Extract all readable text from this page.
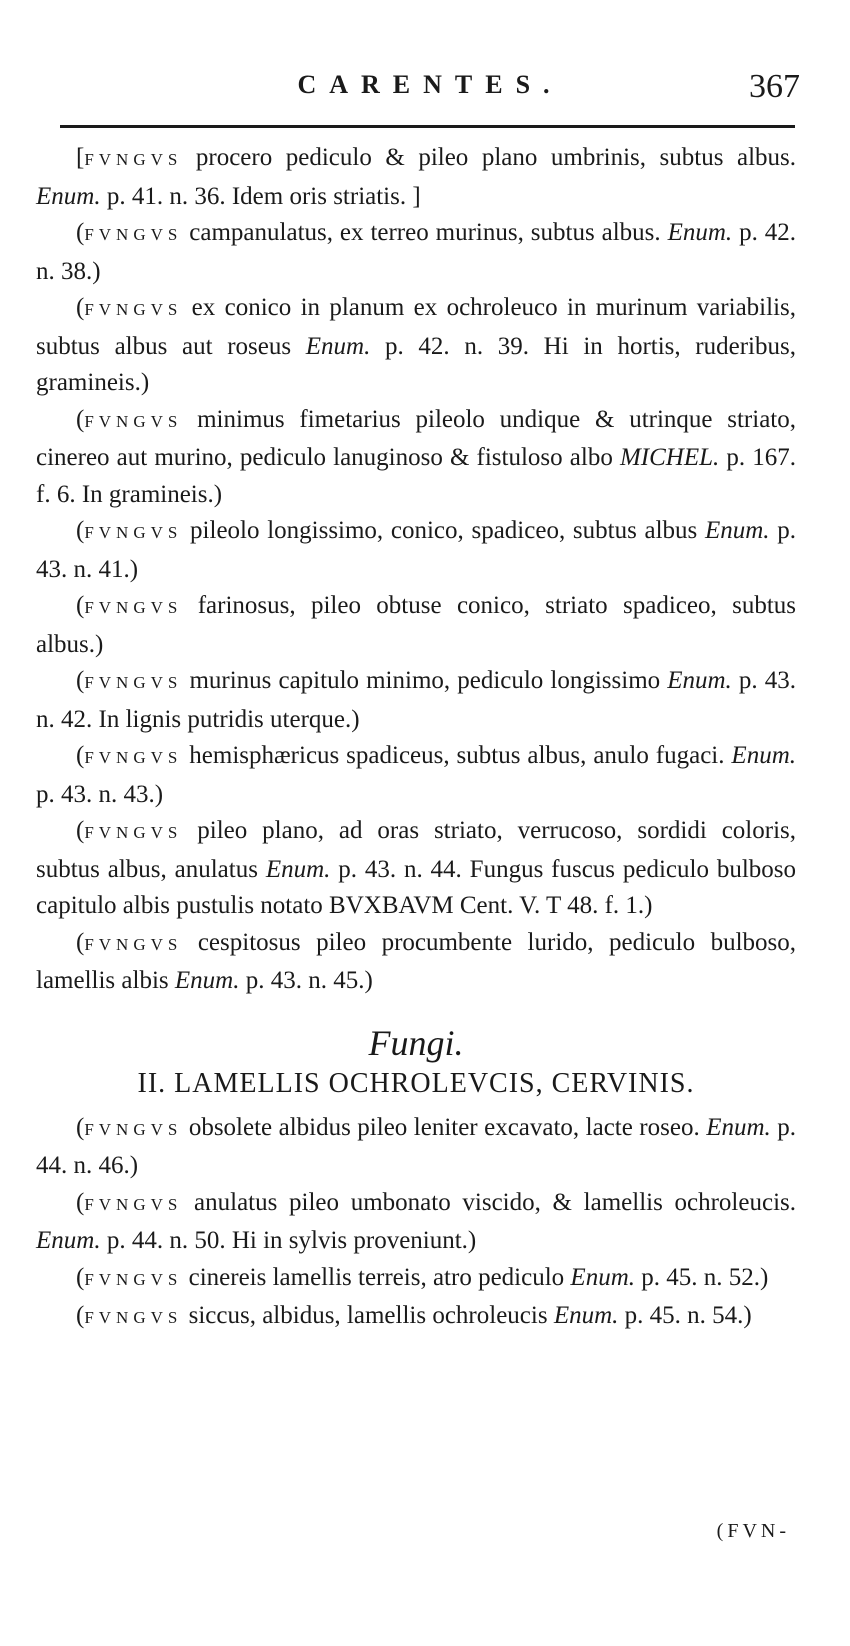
CARENTES.	367

[FVNGVS procero pediculo & pileo plano umbrinis, subtus albus. Enum. p. 41. n. 36. Idem oris striatis. ]

(FVNGVS campanulatus, ex terreo murinus, subtus albus. Enum. p. 42. n. 38.)

(FVNGVS ex conico in planum ex ochroleuco in murinum variabilis, subtus albus aut roseus Enum. p. 42. n. 39. Hi in hortis, ruderibus, gramineis.)

(FVNGVS minimus fimetarius pileolo undique & utrinque striato, cinereo aut murino, pediculo lanuginoso & fistuloso albo MICHEL. p. 167. f. 6. In gramineis.)

(FVNGVS pileolo longissimo, conico, spadiceo, subtus albus Enum. p. 43. n. 41.)

(FVNGVS farinosus, pileo obtuse conico, striato spadiceo, subtus albus.)

(FVNGVS murinus capitulo minimo, pediculo longissimo Enum. p. 43. n. 42. In lignis putridis uterque.)

(FVNGVS hemisphæricus spadiceus, subtus albus, anulo fugaci. Enum. p. 43. n. 43.)

(FVNGVS pileo plano, ad oras striato, verrucoso, sordidi coloris, subtus albus, anulatus Enum. p. 43. n. 44. Fungus fuscus pediculo bulboso capitulo albis pustulis notato BVXBAVM Cent. V. T 48. f. 1.)

(FVNGVS cespitosus pileo procumbente lurido, pediculo bulboso, lamellis albis Enum. p. 43. n. 45.)

Fungi.
II. LAMELLIS OCHROLEVCIS, CERVINIS.

(FVNGVS obsolete albidus pileo leniter excavato, lacte roseo. Enum. p. 44. n. 46.)

(FVNGVS anulatus pileo umbonato viscido, & lamellis ochroleucis. Enum. p. 44. n. 50. Hi in sylvis proveniunt.)

(FVNGVS cinereis lamellis terreis, atro pediculo Enum. p. 45. n. 52.)

(FVNGVS siccus, albidus, lamellis ochroleucis Enum. p. 45. n. 54.)

(FVN-
